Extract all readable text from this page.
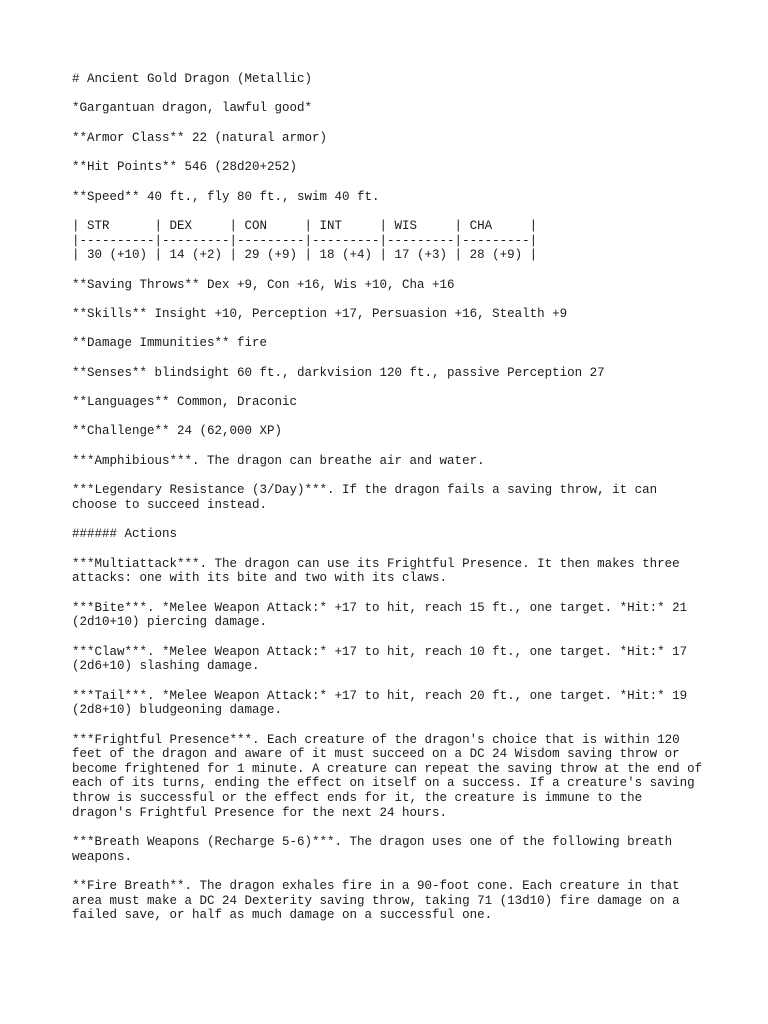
# Ancient Gold Dragon (Metallic)
*Gargantuan dragon, lawful good*
**Armor Class** 22 (natural armor)
**Hit Points** 546 (28d20+252)
**Speed** 40 ft., fly 80 ft., swim 40 ft.
| STR      | DEX     | CON     | INT     | WIS     | CHA     |
|----------|---------|---------|---------|---------|---------|
| 30 (+10) | 14 (+2) | 29 (+9) | 18 (+4) | 17 (+3) | 28 (+9) |
**Saving Throws** Dex +9, Con +16, Wis +10, Cha +16
**Skills** Insight +10, Perception +17, Persuasion +16, Stealth +9
**Damage Immunities** fire
**Senses** blindsight 60 ft., darkvision 120 ft., passive Perception 27
**Languages** Common, Draconic
**Challenge** 24 (62,000 XP)
***Amphibious***. The dragon can breathe air and water.
***Legendary Resistance (3/Day)***. If the dragon fails a saving throw, it can choose to succeed instead.
###### Actions
***Multiattack***. The dragon can use its Frightful Presence. It then makes three attacks: one with its bite and two with its claws.
***Bite***. *Melee Weapon Attack:* +17 to hit, reach 15 ft., one target. *Hit:* 21 (2d10+10) piercing damage.
***Claw***. *Melee Weapon Attack:* +17 to hit, reach 10 ft., one target. *Hit:* 17 (2d6+10) slashing damage.
***Tail***. *Melee Weapon Attack:* +17 to hit, reach 20 ft., one target. *Hit:* 19 (2d8+10) bludgeoning damage.
***Frightful Presence***. Each creature of the dragon's choice that is within 120 feet of the dragon and aware of it must succeed on a DC 24 Wisdom saving throw or become frightened for 1 minute. A creature can repeat the saving throw at the end of each of its turns, ending the effect on itself on a success. If a creature's saving throw is successful or the effect ends for it, the creature is immune to the dragon's Frightful Presence for the next 24 hours.
***Breath Weapons (Recharge 5-6)***. The dragon uses one of the following breath weapons.
**Fire Breath**. The dragon exhales fire in a 90-foot cone. Each creature in that area must make a DC 24 Dexterity saving throw, taking 71 (13d10) fire damage on a failed save, or half as much damage on a successful one.
